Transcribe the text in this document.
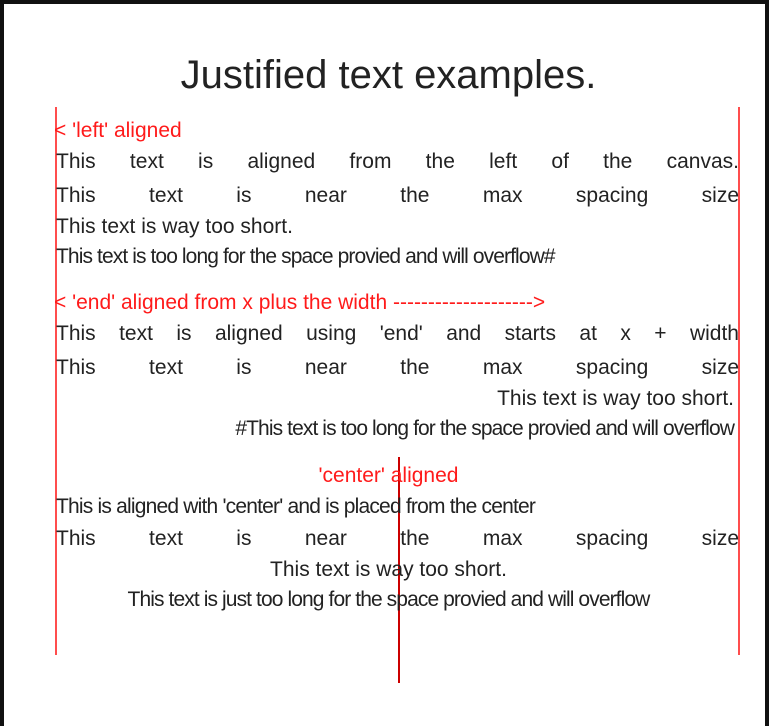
Justified text examples.
< 'left' aligned
This text is aligned from the left of the canvas.
This text is near the max spacing size
This text is way too short.
This text is too long for the space provied and will overflow#
< 'end' aligned from x plus the width -------------------->
This text is aligned using 'end' and starts at x + width
This text is near the max spacing size
This text is way too short.
#This text is too long for the space provied and will overflow
'center' aligned
This is aligned with 'center' and is placed from the center
This text is near the max spacing size
This text is way too short.
This text is just too long for the space provied and will overflow
